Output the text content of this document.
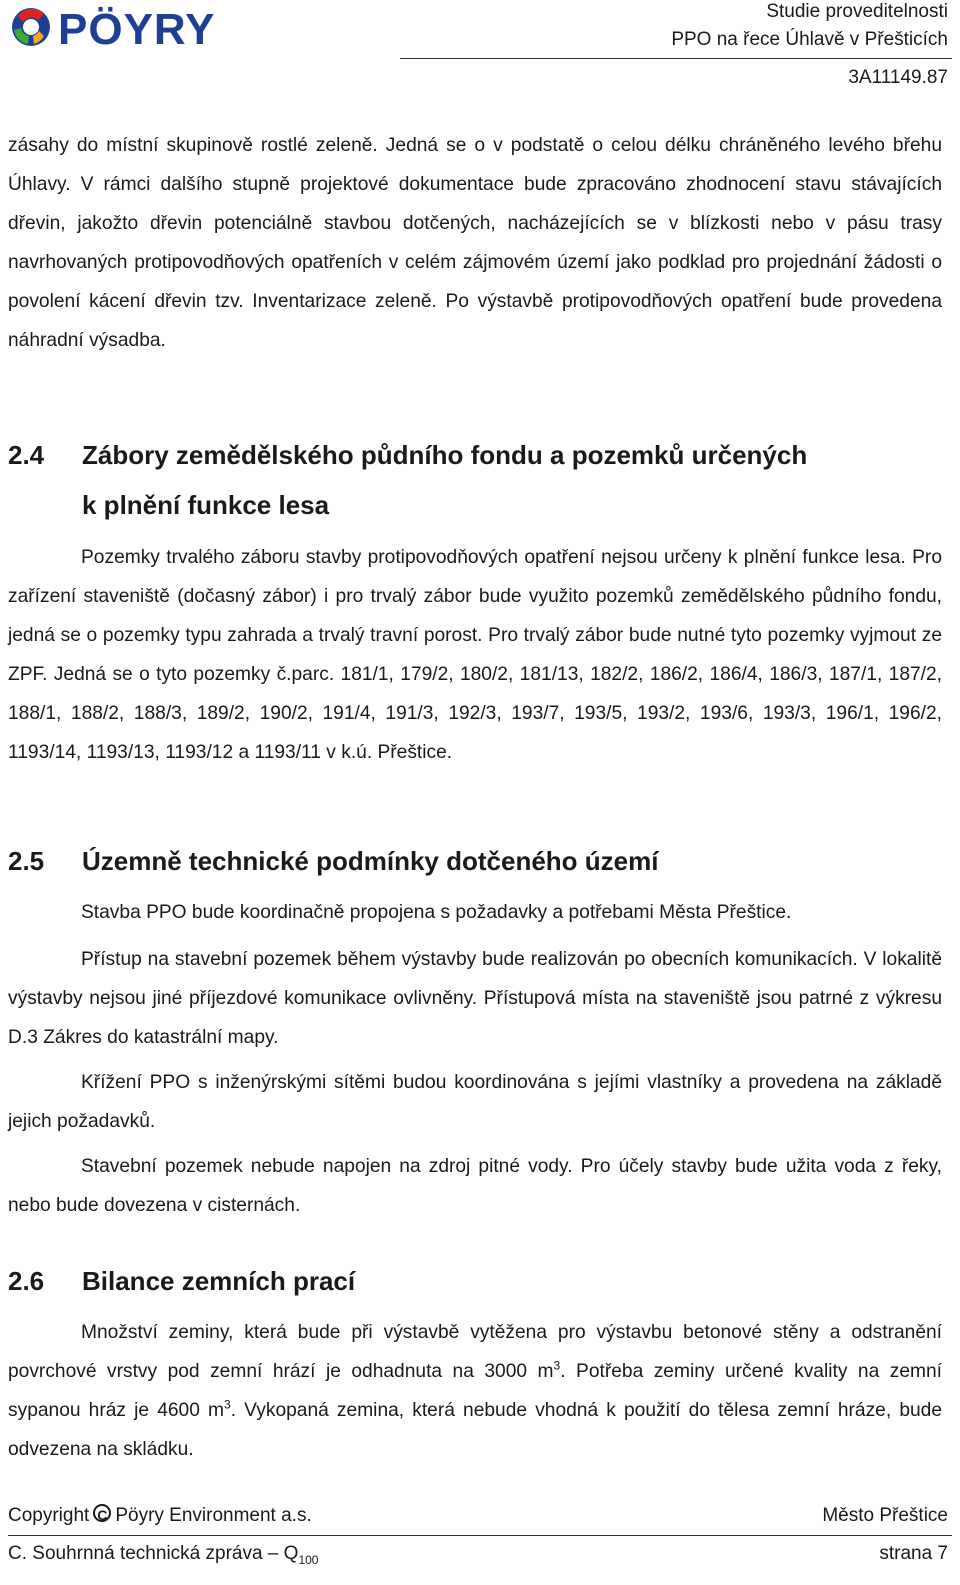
PÖYRY	Studie proveditelnosti
PPO na řece Úhlavě v Přešticích
3A11149.87

zásahy do místní skupinově rostlé zeleně. Jedná se o v podstatě o celou délku chráněného levého břehu Úhlavy. V rámci dalšího stupně projektové dokumentace bude zpracováno zhodnocení stavu stávajících dřevin, jakožto dřevin potenciálně stavbou dotčených, nacházejících se v blízkosti nebo v pásu trasy navrhovaných protipovodňových opatřeních v celém zájmovém území jako podklad pro projednání žádosti o povolení kácení dřevin tzv. Inventarizace zeleně. Po výstavbě protipovodňových opatření bude provedena náhradní výsadba.

2.4 Zábory zemědělského půdního fondu a pozemků určených
k plnění funkce lesa

Pozemky trvalého záboru stavby protipovodňových opatření nejsou určeny k plnění funkce lesa. Pro zařízení staveniště (dočasný zábor) i pro trvalý zábor bude využito pozemků zemědělského půdního fondu, jedná se o pozemky typu zahrada a trvalý travní porost. Pro trvalý zábor bude nutné tyto pozemky vyjmout ze ZPF. Jedná se o tyto pozemky č.parc. 181/1, 179/2, 180/2, 181/13, 182/2, 186/2, 186/4, 186/3, 187/1, 187/2, 188/1, 188/2, 188/3, 189/2, 190/2, 191/4, 191/3, 192/3, 193/7, 193/5, 193/2, 193/6, 193/3, 196/1, 196/2, 1193/14, 1193/13, 1193/12 a 1193/11 v k.ú. Přeštice.

2.5 Územně technické podmínky dotčeného území

Stavba PPO bude koordinačně propojena s požadavky a potřebami Města Přeštice.

Přístup na stavební pozemek během výstavby bude realizován po obecních komunikacích. V lokalitě výstavby nejsou jiné příjezdové komunikace ovlivněny. Přístupová místa na staveniště jsou patrné z výkresu D.3 Zákres do katastrální mapy.

Křížení PPO s inženýrskými sítěmi budou koordinována s jejími vlastníky a provedena na základě jejich požadavků.

Stavební pozemek nebude napojen na zdroj pitné vody. Pro účely stavby bude užita voda z řeky, nebo bude dovezena v cisternách.

2.6 Bilance zemních prací

Množství zeminy, která bude při výstavbě vytěžena pro výstavbu betonové stěny a odstranění povrchové vrstvy pod zemní hrází je odhadnuta na 3000 $m^3$. Potřeba zeminy určené kvality na zemní sypanou hráz je 4600 $m^3$. Vykopaná zemina, která nebude vhodná k použití do tělesa zemní hráze, bude odvezena na skládku.

Copyright C Pöyry Environment a.s.	Město Přeštice
C. Souhrnná technická zpráva – $Q_{100}$	strana 7
